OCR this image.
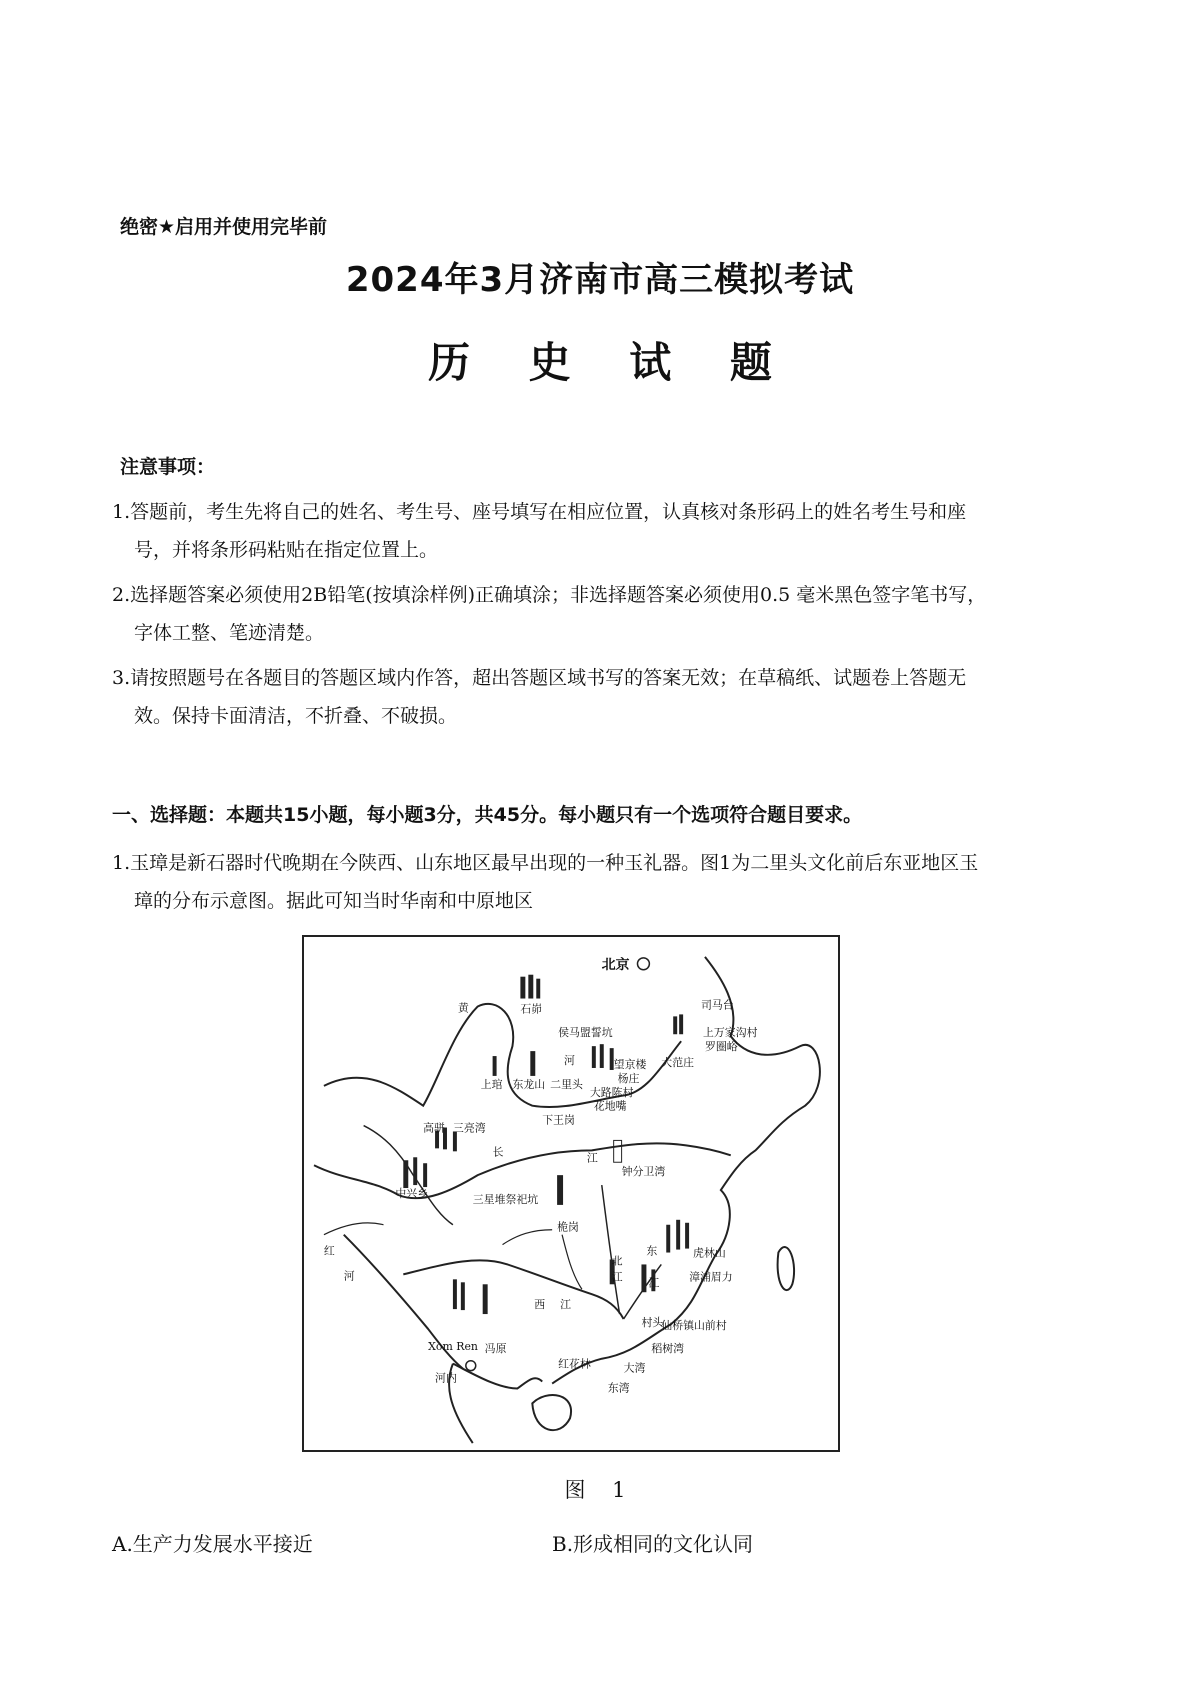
绝密★启用并使用完毕前
2024年3月济南市高三模拟考试
历 史 试 题
注意事项：
1.答题前，考生先将自己的姓名、考生号、座号填写在相应位置，认真核对条形码上的姓名考生号和座
号，并将条形码粘贴在指定位置上。
2.选择题答案必须使用2B铅笔(按填涂样例)正确填涂；非选择题答案必须使用0.5 毫米黑色签字笔书写，
字体工整、笔迹清楚。
3.请按照题号在各题目的答题区域内作答，超出答题区域书写的答案无效；在草稿纸、试题卷上答题无
效。保持卡面清洁，不折叠、不破损。
一、选择题：本题共15小题，每小题3分，共45分。每小题只有一个选项符合题目要求。
1.玉璋是新石器时代晚期在今陕西、山东地区最早出现的一种玉礼器。图1为二里头文化前后东亚地区玉
璋的分布示意图。据此可知当时华南和中原地区
北京
黄	石峁
侯马盟誓坑
河
上琯 东龙山 二里头
望京楼
杨庄
大路陈村
花地嘴
下王岗
司马台
上万家沟村
罗圈峪
大范庄
高骈 三亮湾
中兴乡	三星堆祭祀坑
长	江
桅岗
钟分卫湾
红
河
北
江
东
江
西 江
Xom Ren 冯原
河内
红花林
村头
大湾
东湾
虎林山
漳浦眉力
仙桥镇山前村
稻树湾
图 1
A.生产力发展水平接近	B.形成相同的文化认同
